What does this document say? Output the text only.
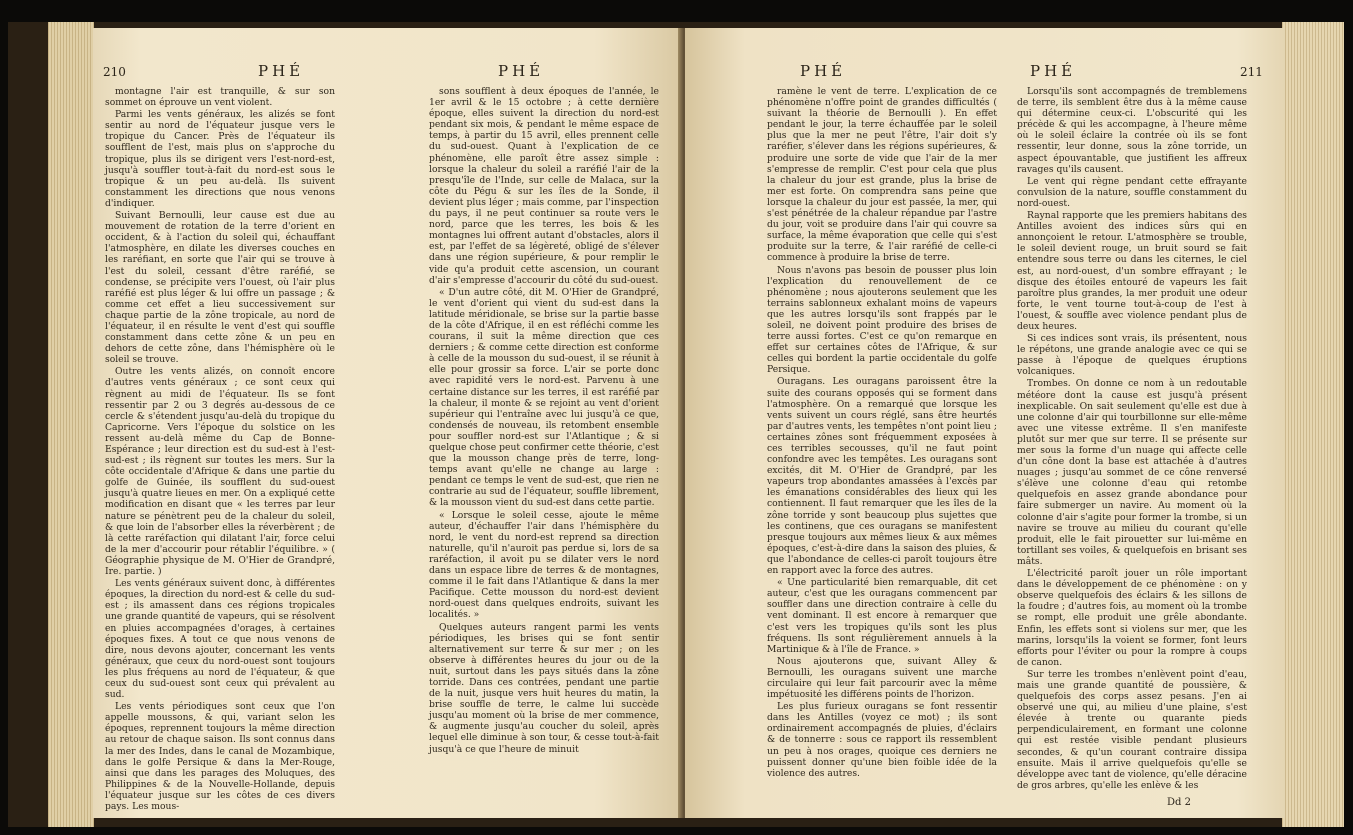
210	PHÉ	PHÉ

montagne l'air est tranquille, & sur son sommet on éprouve un vent violent.

Parmi les vents généraux, les alizés se font sentir au nord de l'équateur jusque vers le tropique du Cancer. Près de l'équateur ils soufflent de l'est, mais plus on s'approche du tropique, plus ils se dirigent vers l'est-nord-est, jusqu'à souffler tout-à-fait du nord-est sous le tropique & un peu au-delà. Ils suivent constamment les directions que nous venons d'indiquer.

Suivant Bernoulli, leur cause est due au mouvement de rotation de la terre d'orient en occident, & à l'action du soleil qui, échauffant l'atmosphère, en dilate les diverses couches en les raréfiant, en sorte que l'air qui se trouve à l'est du soleil, cessant d'être raréfié, se condense, se précipite vers l'ouest, où l'air plus raréfié est plus léger & lui offre un passage ; & comme cet effet a lieu successivement sur chaque partie de la zône tropicale, au nord de l'équateur, il en résulte le vent d'est qui souffle constamment dans cette zône & un peu en dehors de cette zône, dans l'hémisphère où le soleil se trouve.

Outre les vents alizés, on connoît encore d'autres vents généraux ; ce sont ceux qui règnent au midi de l'équateur. Ils se font ressentir par 2 ou 3 degrés au-dessous de ce cercle & s'étendent jusqu'au-delà du tropique du Capricorne. Vers l'époque du solstice on les ressent au-delà même du Cap de Bonne-Espérance ; leur direction est du sud-est à l'est-sud-est ; ils règnent sur toutes les mers. Sur la côte occidentale d'Afrique & dans une partie du golfe de Guinée, ils soufflent du sud-ouest jusqu'à quatre lieues en mer. On a expliqué cette modification en disant que « les terres par leur nature se pénètrent peu de la chaleur du soleil, & que loin de l'absorber elles la réverbèrent ; de là cette raréfaction qui dilatant l'air, force celui de la mer d'accourir pour rétablir l'équilibre. » ( Géographie physique de M. O'Hier de Grandpré, Ire. partie. )

Les vents généraux suivent donc, à différentes époques, la direction du nord-est & celle du sud-est ; ils amassent dans ces régions tropicales une grande quantité de vapeurs, qui se résolvent en pluies accompagnées d'orages, à certaines époques fixes. A tout ce que nous venons de dire, nous devons ajouter, concernant les vents généraux, que ceux du nord-ouest sont toujours les plus fréquens au nord de l'équateur, & que ceux du sud-ouest sont ceux qui prévalent au sud.

Les vents périodiques sont ceux que l'on appelle moussons, & qui, variant selon les époques, reprennent toujours la même direction au retour de chaque saison. Ils sont connus dans la mer des Indes, dans le canal de Mozambique, dans le golfe Persique & dans la Mer-Rouge, ainsi que dans les parages des Moluques, des Philippines & de la Nouvelle-Hollande, depuis l'équateur jusque sur les côtes de ces divers pays. Les mous-

sons soufflent à deux époques de l'année, le 1er avril & le 15 octobre ; à cette dernière époque, elles suivent la direction du nord-est pendant six mois, & pendant le même espace de temps, à partir du 15 avril, elles prennent celle du sud-ouest. Quant à l'explication de ce phénomène, elle paroît être assez simple : lorsque la chaleur du soleil a raréfié l'air de la presqu'île de l'Inde, sur celle de Malaca, sur la côte du Pégu & sur les îles de la Sonde, il devient plus léger ; mais comme, par l'inspection du pays, il ne peut continuer sa route vers le nord, parce que les terres, les bois & les montagnes lui offrent autant d'obstacles, alors il est, par l'effet de sa légèreté, obligé de s'élever dans une région supérieure, & pour remplir le vide qu'a produit cette ascension, un courant d'air s'empresse d'accourir du côté du sud-ouest.

« D'un autre côté, dit M. O'Hier de Grandpré, le vent d'orient qui vient du sud-est dans la latitude méridionale, se brise sur la partie basse de la côte d'Afrique, il en est réfléchi comme les courans, il suit la même direction que ces derniers ; & comme cette direction est conforme à celle de la mousson du sud-ouest, il se réunit à elle pour grossir sa force. L'air se porte donc avec rapidité vers le nord-est. Parvenu à une certaine distance sur les terres, il est raréfié par la chaleur, il monte & se rejoint au vent d'orient supérieur qui l'entraîne avec lui jusqu'à ce que, condensés de nouveau, ils retombent ensemble pour souffler nord-est sur l'Atlantique ; & si quelque chose peut confirmer cette théorie, c'est que la mousson change près de terre, long-temps avant qu'elle ne change au large : pendant ce temps le vent de sud-est, que rien ne contrarie au sud de l'équateur, souffle librement, & la mousson vient du sud-est dans cette partie.

« Lorsque le soleil cesse, ajoute le même auteur, d'échauffer l'air dans l'hémisphère du nord, le vent du nord-est reprend sa direction naturelle, qu'il n'auroit pas perdue si, lors de sa raréfaction, il avoit pu se dilater vers le nord dans un espace libre de terres & de montagnes, comme il le fait dans l'Atlantique & dans la mer Pacifique. Cette mousson du nord-est devient nord-ouest dans quelques endroits, suivant les localités. »

Quelques auteurs rangent parmi les vents périodiques, les brises qui se font sentir alternativement sur terre & sur mer ; on les observe à différentes heures du jour ou de la nuit, surtout dans les pays situés dans la zône torride. Dans ces contrées, pendant une partie de la nuit, jusque vers huit heures du matin, la brise souffle de terre, le calme lui succède jusqu'au moment où la brise de mer commence, & augmente jusqu'au coucher du soleil, après lequel elle diminue à son tour, & cesse tout-à-fait jusqu'à ce que l'heure de minuit

PHÉ	PHÉ	211

ramène le vent de terre. L'explication de ce phénomène n'offre point de grandes difficultés ( suivant la théorie de Bernoulli ). En effet pendant le jour, la terre échauffée par le soleil plus que la mer ne peut l'être, l'air doit s'y raréfier, s'élever dans les régions supérieures, & produire une sorte de vide que l'air de la mer s'empresse de remplir. C'est pour cela que plus la chaleur du jour est grande, plus la brise de mer est forte. On comprendra sans peine que lorsque la chaleur du jour est passée, la mer, qui s'est pénétrée de la chaleur répandue par l'astre du jour, voit se produire dans l'air qui couvre sa surface, la même évaporation que celle qui s'est produite sur la terre, & l'air raréfié de celle-ci commence à produire la brise de terre.

Nous n'avons pas besoin de pousser plus loin l'explication du renouvellement de ce phénomène ; nous ajouterons seulement que les terrains sablonneux exhalant moins de vapeurs que les autres lorsqu'ils sont frappés par le soleil, ne doivent point produire des brises de terre aussi fortes. C'est ce qu'on remarque en effet sur certaines côtes de l'Afrique, & sur celles qui bordent la partie occidentale du golfe Persique.

Ouragans. Les ouragans paroissent être la suite des courans opposés qui se forment dans l'atmosphère. On a remarqué que lorsque les vents suivent un cours réglé, sans être heurtés par d'autres vents, les tempêtes n'ont point lieu ; certaines zônes sont fréquemment exposées à ces terribles secousses, qu'il ne faut point confondre avec les tempêtes. Les ouragans sont excités, dit M. O'Hier de Grandpré, par les vapeurs trop abondantes amassées à l'excès par les émanations considérables des lieux qui les contiennent. Il faut remarquer que les îles de la zône torride y sont beaucoup plus sujettes que les continens, que ces ouragans se manifestent presque toujours aux mêmes lieux & aux mêmes époques, c'est-à-dire dans la saison des pluies, & que l'abondance de celles-ci paroît toujours être en rapport avec la force des autres.

« Une particularité bien remarquable, dit cet auteur, c'est que les ouragans commencent par souffler dans une direction contraire à celle du vent dominant. Il est encore à remarquer que c'est vers les tropiques qu'ils sont les plus fréquens. Ils sont régulièrement annuels à la Martinique & à l'île de France. »

Nous ajouterons que, suivant Alley & Bernoulli, les ouragans suivent une marche circulaire qui leur fait parcourir avec la même impétuosité les différens points de l'horizon.

Les plus furieux ouragans se font ressentir dans les Antilles (voyez ce mot) ; ils sont ordinairement accompagnés de pluies, d'éclairs & de tonnerre : sous ce rapport ils ressemblent un peu à nos orages, quoique ces derniers ne puissent donner qu'une bien foible idée de la violence des autres.

Lorsqu'ils sont accompagnés de tremblemens de terre, ils semblent être dus à la même cause qui détermine ceux-ci. L'obscurité qui les précède & qui les accompagne, à l'heure même où le soleil éclaire la contrée où ils se font ressentir, leur donne, sous la zône torride, un aspect épouvantable, que justifient les affreux ravages qu'ils causent.

Le vent qui règne pendant cette effrayante convulsion de la nature, souffle constamment du nord-ouest.

Raynal rapporte que les premiers habitans des Antilles avoient des indices sûrs qui en annonçoient le retour. L'atmosphère se trouble, le soleil devient rouge, un bruit sourd se fait entendre sous terre ou dans les citernes, le ciel est, au nord-ouest, d'un sombre effrayant ; le disque des étoiles entouré de vapeurs les fait paroître plus grandes, la mer produit une odeur forte, le vent tourne tout-à-coup de l'est à l'ouest, & souffle avec violence pendant plus de deux heures.

Si ces indices sont vrais, ils présentent, nous le répétons, une grande analogie avec ce qui se passe à l'époque de quelques éruptions volcaniques.

Trombes. On donne ce nom à un redoutable météore dont la cause est jusqu'à présent inexplicable. On sait seulement qu'elle est due à une colonne d'air qui tourbillonne sur elle-même avec une vitesse extrême. Il s'en manifeste plutôt sur mer que sur terre. Il se présente sur mer sous la forme d'un nuage qui affecte celle d'un cône dont la base est attachée à d'autres nuages ; jusqu'au sommet de ce cône renversé s'élève une colonne d'eau qui retombe quelquefois en assez grande abondance pour faire submerger un navire. Au moment où la colonne d'air s'agite pour former la trombe, si un navire se trouve au milieu du courant qu'elle produit, elle le fait pirouetter sur lui-même en tortillant ses voiles, & quelquefois en brisant ses mâts.

L'électricité paroît jouer un rôle important dans le développement de ce phénomène : on y observe quelquefois des éclairs & les sillons de la foudre ; d'autres fois, au moment où la trombe se rompt, elle produit une grêle abondante. Enfin, les effets sont si violens sur mer, que les marins, lorsqu'ils la voient se former, font leurs efforts pour l'éviter ou pour la rompre à coups de canon.

Sur terre les trombes n'enlèvent point d'eau, mais une grande quantité de poussière, & quelquefois des corps assez pesans. J'en ai observé une qui, au milieu d'une plaine, s'est élevée à trente ou quarante pieds perpendiculairement, en formant une colonne qui est restée visible pendant plusieurs secondes, & qu'un courant contraire dissipa ensuite. Mais il arrive quelquefois qu'elle se développe avec tant de violence, qu'elle déracine de gros arbres, qu'elle les enlève & les

Dd 2
